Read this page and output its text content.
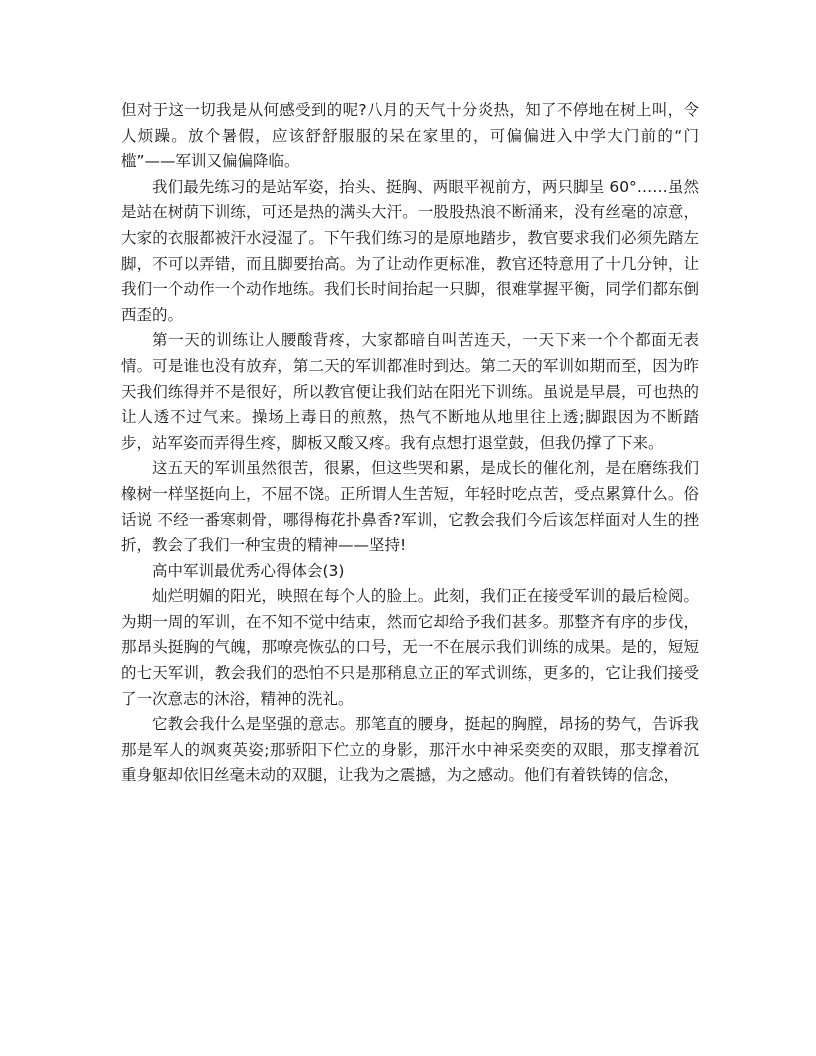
但对于这一切我是从何感受到的呢?八月的天气十分炎热，知了不停地在树上叫，令人烦躁。放个暑假，应该舒舒服服的呆在家里的，可偏偏进入中学大门前的“门槛”——军训又偏偏降临。

我们最先练习的是站军姿，抬头、挺胸、两眼平视前方，两只脚呈 60°……虽然是站在树荫下训练，可还是热的满头大汗。一股股热浪不断涌来，没有丝毫的凉意，大家的衣服都被汗水浸湿了。下午我们练习的是原地踏步，教官要求我们必须先踏左脚，不可以弄错，而且脚要抬高。为了让动作更标准，教官还特意用了十几分钟，让我们一个动作一个动作地练。我们长时间抬起一只脚，很难掌握平衡，同学们都东倒西歪的。

第一天的训练让人腰酸背疼，大家都暗自叫苦连天，一天下来一个个都面无表情。可是谁也没有放弃，第二天的军训都准时到达。第二天的军训如期而至，因为昨天我们练得并不是很好，所以教官便让我们站在阳光下训练。虽说是早晨，可也热的让人透不过气来。操场上毒日的煎熬，热气不断地从地里往上透;脚跟因为不断踏步，站军姿而弄得生疼，脚板又酸又疼。我有点想打退堂鼓，但我仍撑了下来。

这五天的军训虽然很苦，很累，但这些哭和累，是成长的催化剂，是在磨练我们橡树一样坚挺向上，不屈不饶。正所谓人生苦短，年轻时吃点苦，受点累算什么。俗话说 不经一番寒刺骨，哪得梅花扑鼻香?军训，它教会我们今后该怎样面对人生的挫折，教会了我们一种宝贵的精神——坚持!

高中军训最优秀心得体会(3)

灿烂明媚的阳光，映照在每个人的脸上。此刻，我们正在接受军训的最后检阅。为期一周的军训，在不知不觉中结束，然而它却给予我们甚多。那整齐有序的步伐，那昂头挺胸的气魄，那嘹亮恢弘的口号，无一不在展示我们训练的成果。是的，短短的七天军训，教会我们的恐怕不只是那稍息立正的军式训练，更多的，它让我们接受了一次意志的沐浴，精神的洗礼。

它教会我什么是坚强的意志。那笔直的腰身，挺起的胸膛，昂扬的势气，告诉我那是军人的飒爽英姿;那骄阳下伫立的身影，那汗水中神采奕奕的双眼，那支撑着沉重身躯却依旧丝毫未动的双腿，让我为之震撼，为之感动。他们有着铁铸的信念，
